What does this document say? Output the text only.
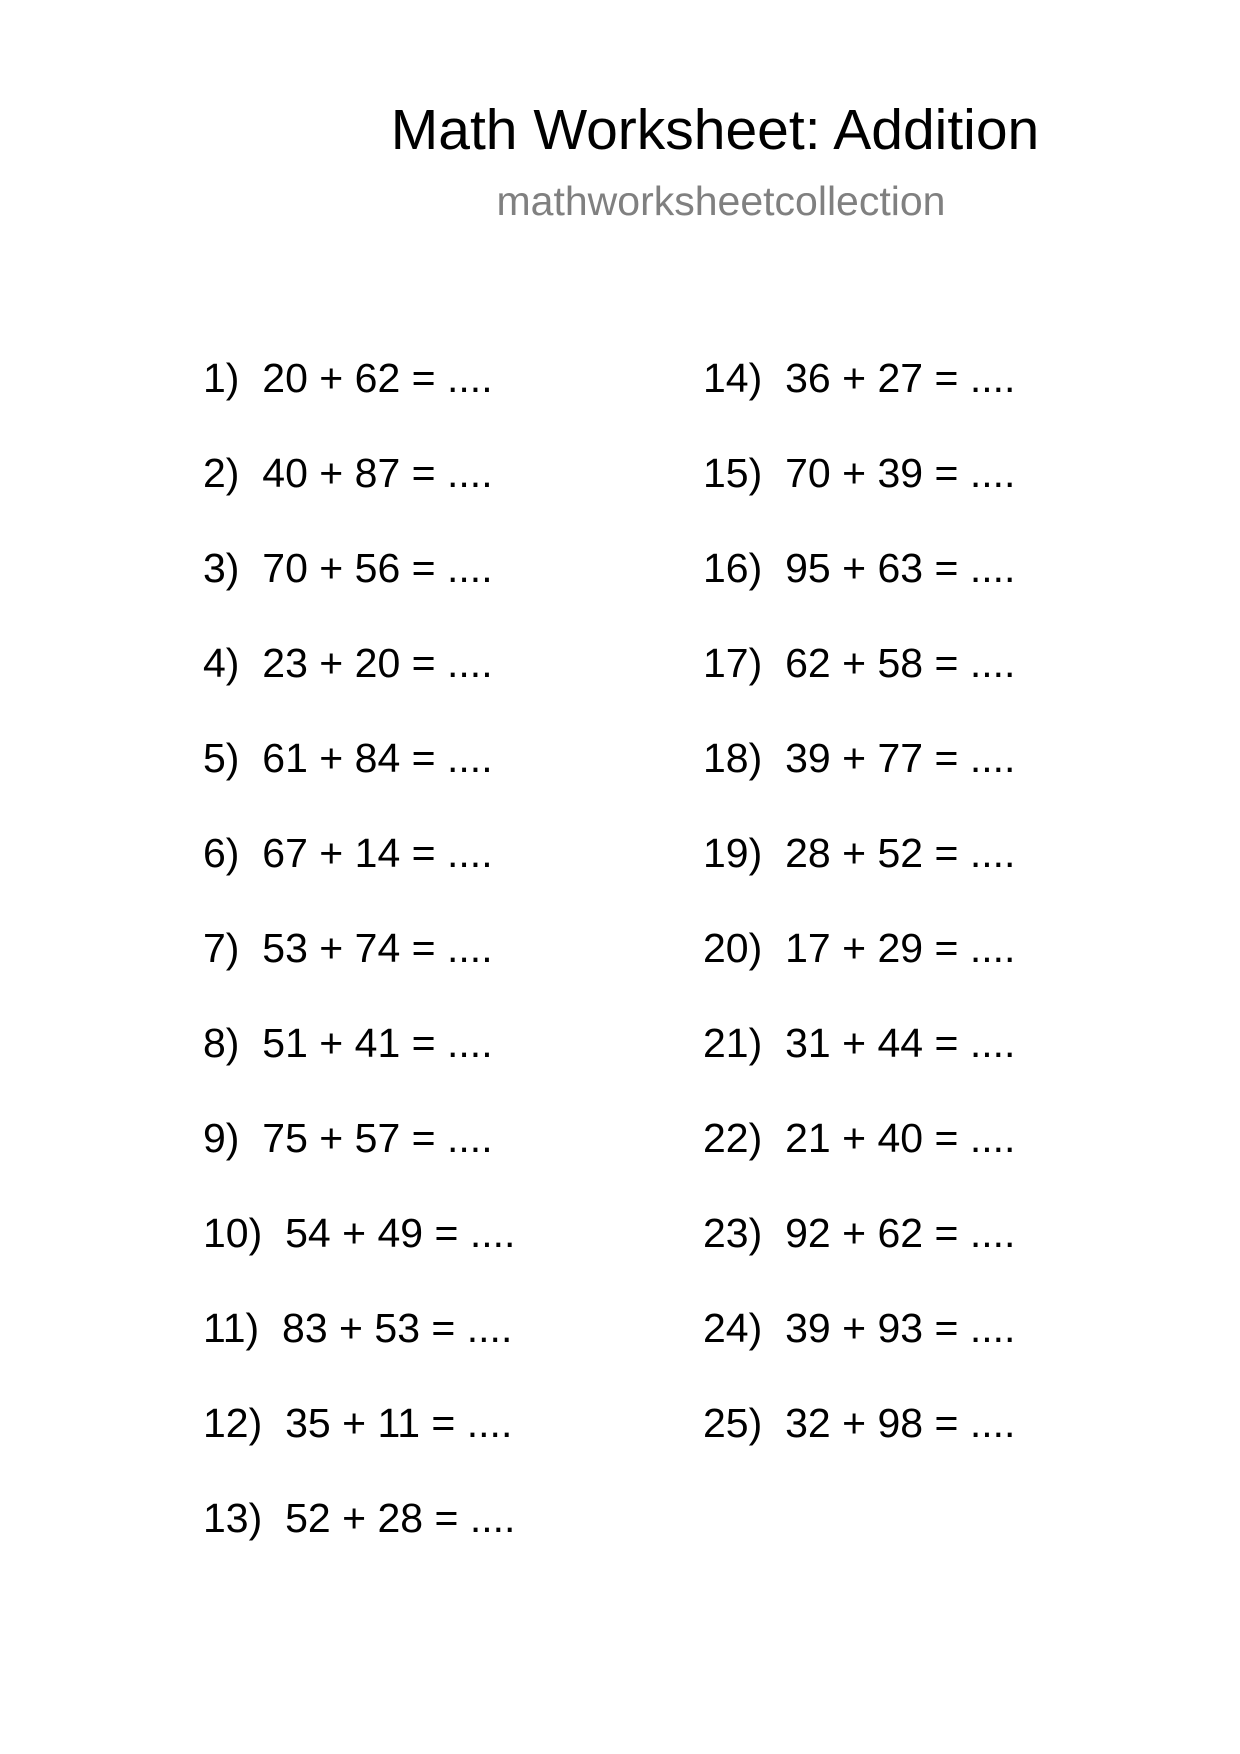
Math Worksheet: Addition
mathworksheetcollection
1) 20 + 62 = ....
2) 40 + 87 = ....
3) 70 + 56 = ....
4) 23 + 20 = ....
5) 61 + 84 = ....
6) 67 + 14 = ....
7) 53 + 74 = ....
8) 51 + 41 = ....
9) 75 + 57 = ....
10) 54 + 49 = ....
11) 83 + 53 = ....
12) 35 + 11 = ....
13) 52 + 28 = ....
14) 36 + 27 = ....
15) 70 + 39 = ....
16) 95 + 63 = ....
17) 62 + 58 = ....
18) 39 + 77 = ....
19) 28 + 52 = ....
20) 17 + 29 = ....
21) 31 + 44 = ....
22) 21 + 40 = ....
23) 92 + 62 = ....
24) 39 + 93 = ....
25) 32 + 98 = ....
